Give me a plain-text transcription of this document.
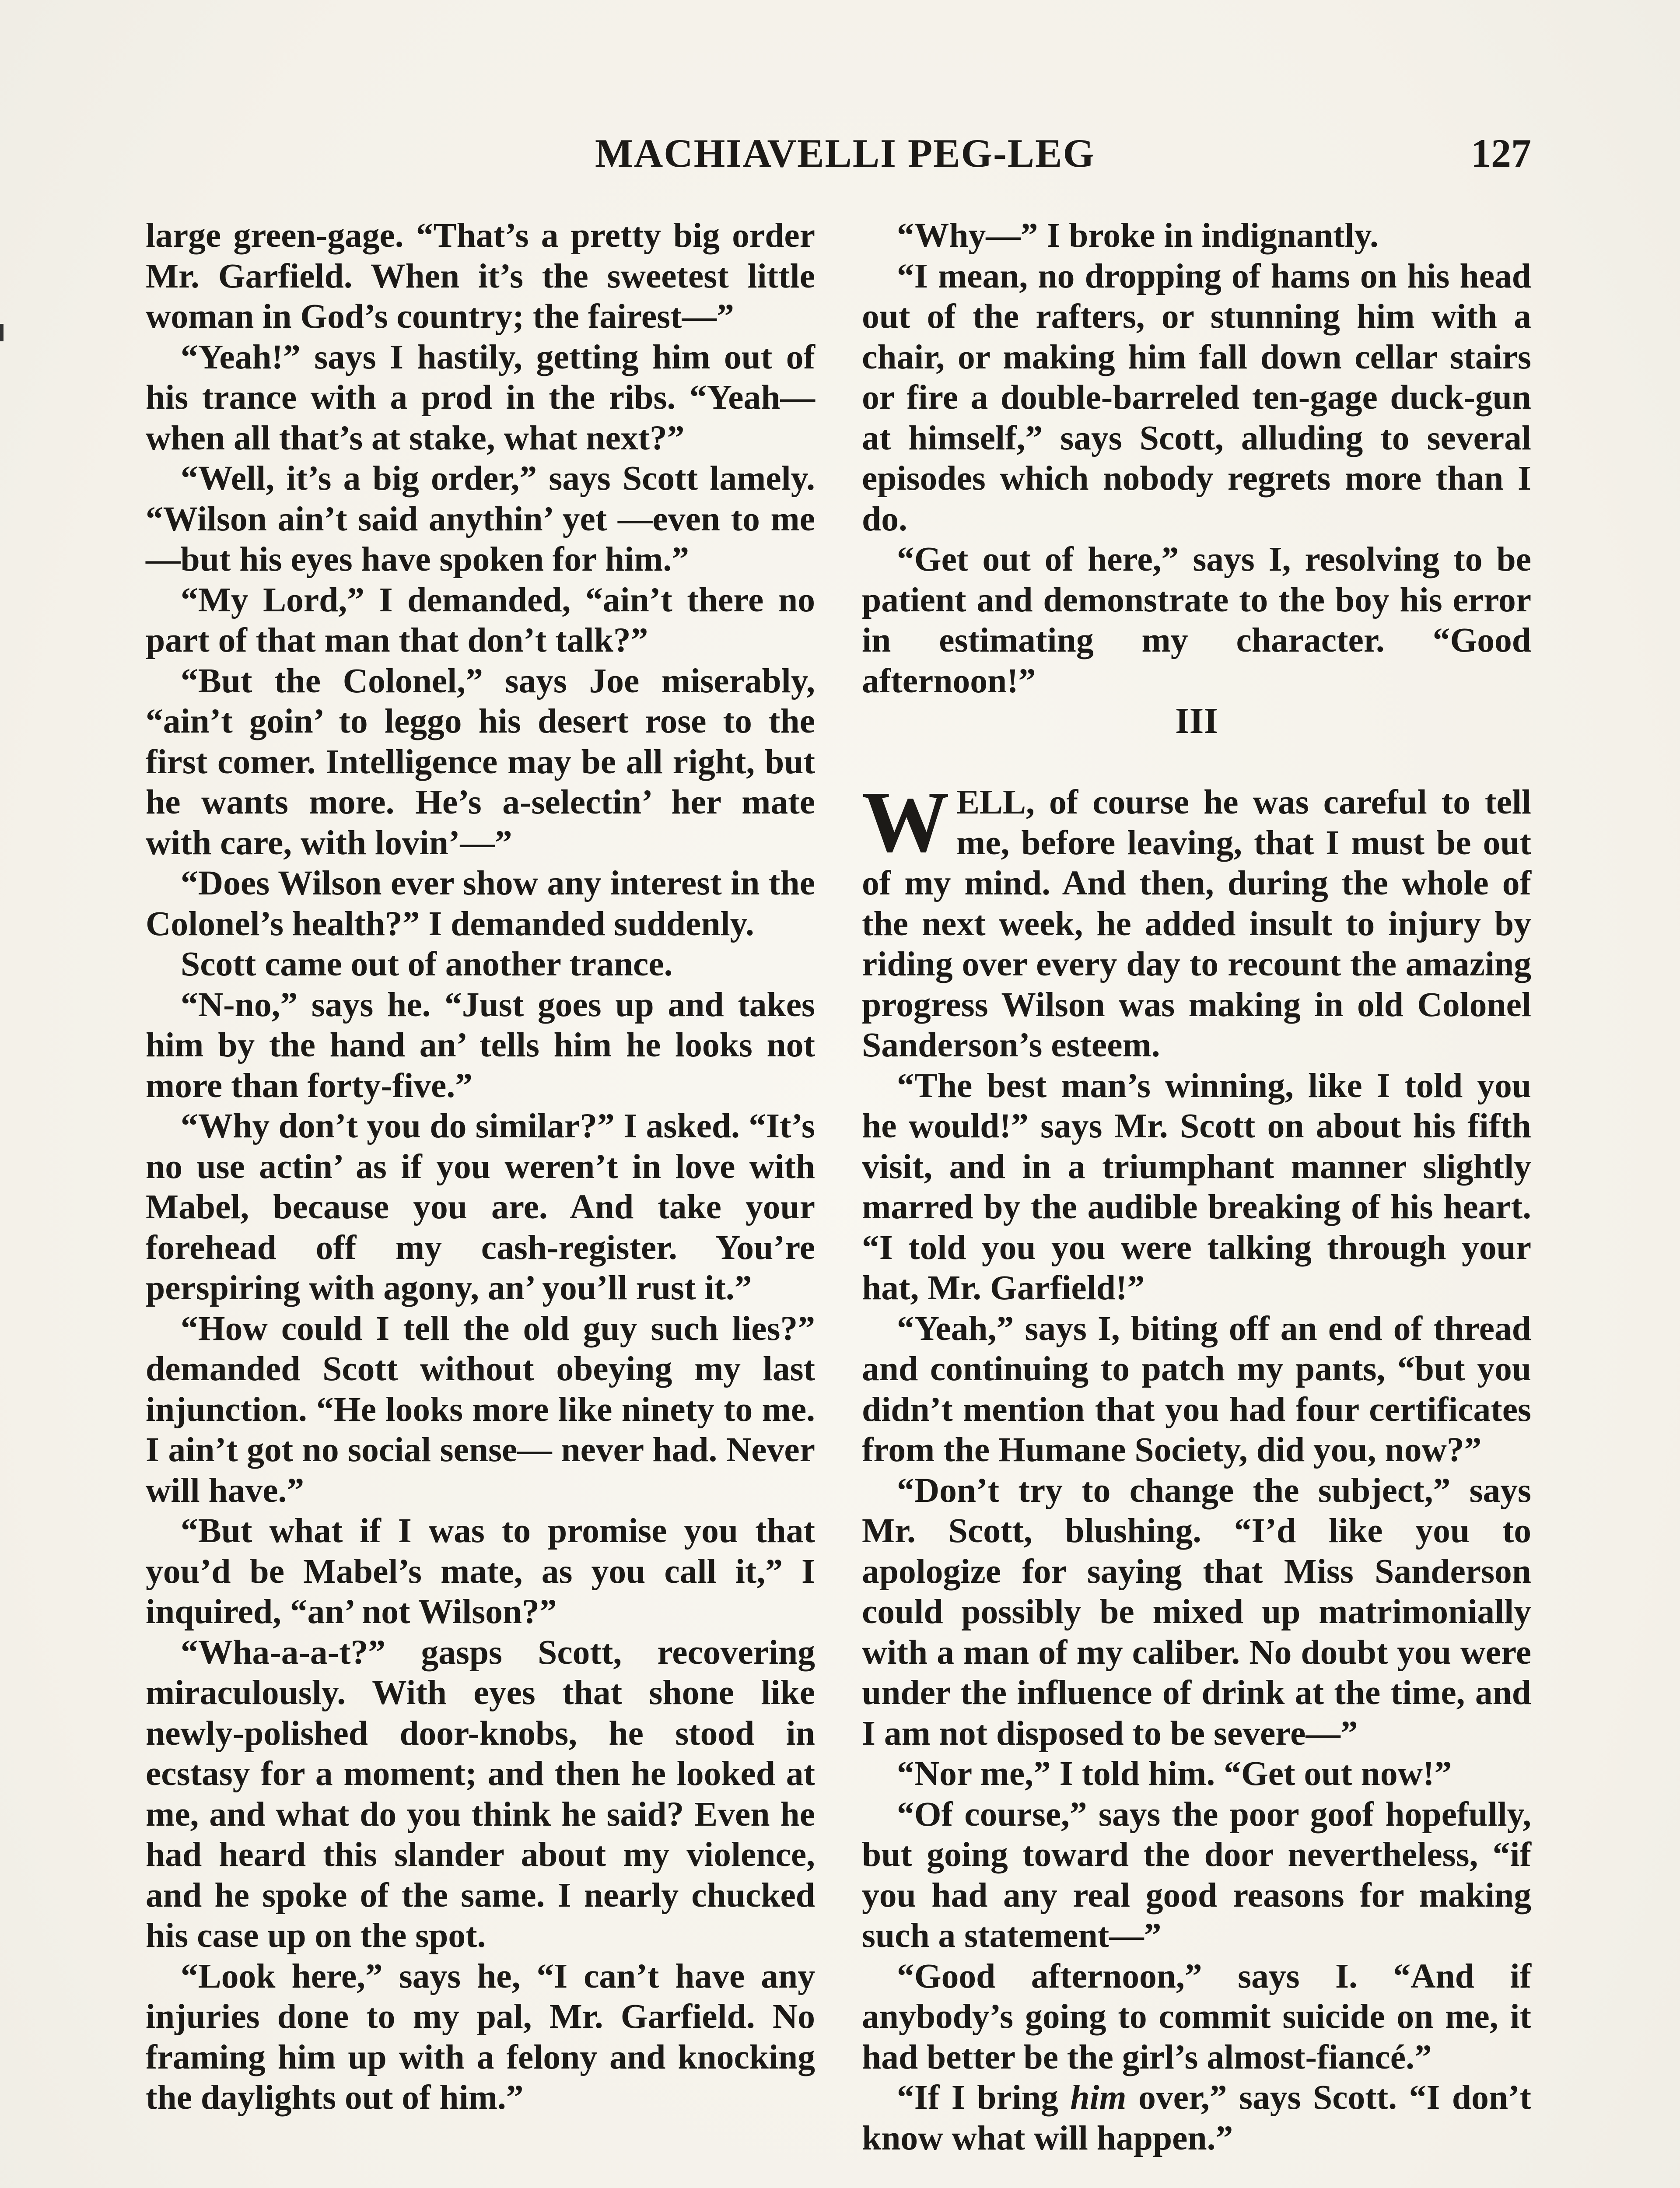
MACHIAVELLI PEG-LEG	127

large green-gage. “That’s a pretty big order Mr. Garfield. When it’s the sweetest little woman in God’s country; the fairest—”

“Yeah!” says I hastily, getting him out of his trance with a prod in the ribs. “Yeah—when all that’s at stake, what next?”

“Well, it’s a big order,” says Scott lamely. “Wilson ain’t said anythin’ yet —even to me—but his eyes have spoken for him.”

“My Lord,” I demanded, “ain’t there no part of that man that don’t talk?”

“But the Colonel,” says Joe miserably, “ain’t goin’ to leggo his desert rose to the first comer. Intelligence may be all right, but he wants more. He’s a-selectin’ her mate with care, with lovin’—”

“Does Wilson ever show any interest in the Colonel’s health?” I demanded suddenly.

Scott came out of another trance.

“N-no,” says he. “Just goes up and takes him by the hand an’ tells him he looks not more than forty-five.”

“Why don’t you do similar?” I asked. “It’s no use actin’ as if you weren’t in love with Mabel, because you are. And take your forehead off my cash-register. You’re perspiring with agony, an’ you’ll rust it.”

“How could I tell the old guy such lies?” demanded Scott without obeying my last injunction. “He looks more like ninety to me. I ain’t got no social sense— never had. Never will have.”

“But what if I was to promise you that you’d be Mabel’s mate, as you call it,” I inquired, “an’ not Wilson?”

“Wha-a-a-t?” gasps Scott, recovering miraculously. With eyes that shone like newly-polished door-knobs, he stood in ecstasy for a moment; and then he looked at me, and what do you think he said? Even he had heard this slander about my violence, and he spoke of the same. I nearly chucked his case up on the spot.

“Look here,” says he, “I can’t have any injuries done to my pal, Mr. Garfield. No framing him up with a felony and knocking the daylights out of him.”

“Why—” I broke in indignantly.

“I mean, no dropping of hams on his head out of the rafters, or stunning him with a chair, or making him fall down cellar stairs or fire a double-barreled ten-gage duck-gun at himself,” says Scott, alluding to several episodes which nobody regrets more than I do.

“Get out of here,” says I, resolving to be patient and demonstrate to the boy his error in estimating my character. “Good afternoon!”

III

WELL, of course he was careful to tell me, before leaving, that I must be out of my mind. And then, during the whole of the next week, he added insult to injury by riding over every day to recount the amazing progress Wilson was making in old Colonel Sanderson’s esteem.

“The best man’s winning, like I told you he would!” says Mr. Scott on about his fifth visit, and in a triumphant manner slightly marred by the audible breaking of his heart. “I told you you were talking through your hat, Mr. Garfield!”

“Yeah,” says I, biting off an end of thread and continuing to patch my pants, “but you didn’t mention that you had four certificates from the Humane Society, did you, now?”

“Don’t try to change the subject,” says Mr. Scott, blushing. “I’d like you to apologize for saying that Miss Sanderson could possibly be mixed up matrimonially with a man of my caliber. No doubt you were under the influence of drink at the time, and I am not disposed to be severe—”

“Nor me,” I told him. “Get out now!”

“Of course,” says the poor goof hopefully, but going toward the door nevertheless, “if you had any real good reasons for making such a statement—”

“Good afternoon,” says I. “And if anybody’s going to commit suicide on me, it had better be the girl’s almost-fiancé.”

“If I bring him over,” says Scott. “I don’t know what will happen.”
